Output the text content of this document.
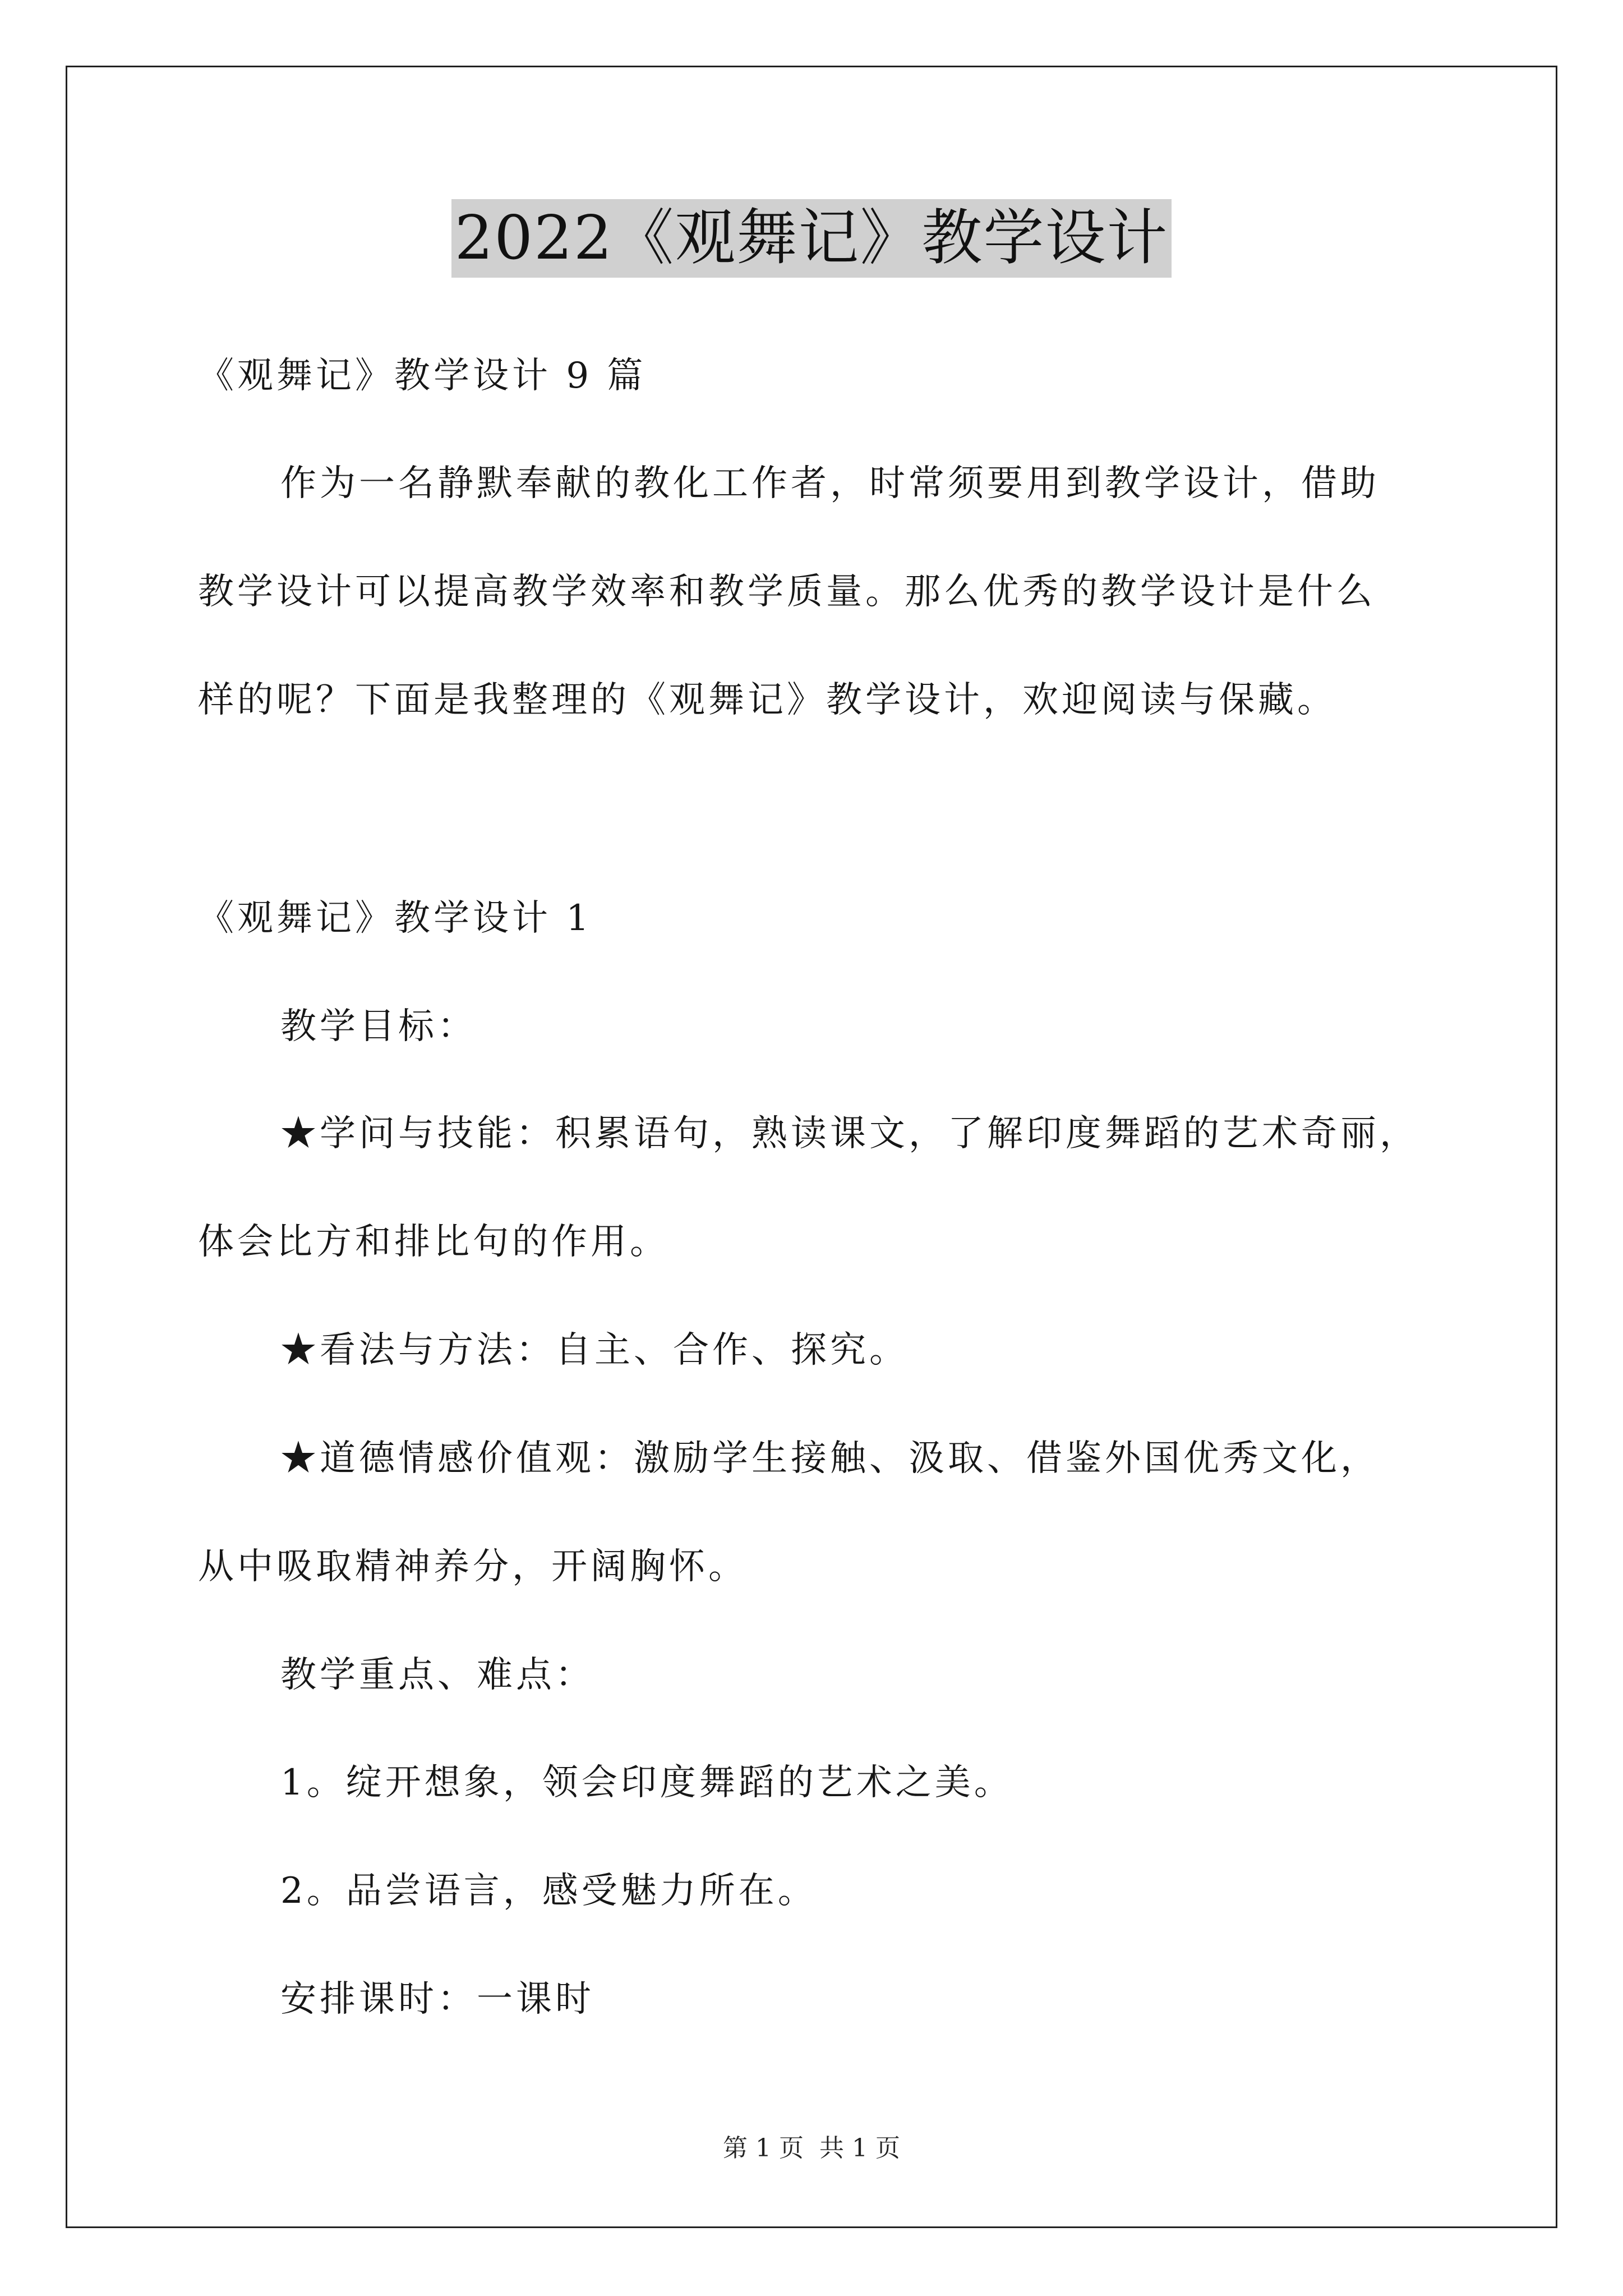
2022《观舞记》教学设计
《观舞记》教学设计 9 篇
作为一名静默奉献的教化工作者，时常须要用到教学设计，借助
教学设计可以提高教学效率和教学质量。那么优秀的教学设计是什么
样的呢？下面是我整理的《观舞记》教学设计，欢迎阅读与保藏。
《观舞记》教学设计 1
教学目标：
★学问与技能：积累语句，熟读课文，了解印度舞蹈的艺术奇丽，
体会比方和排比句的作用。
★看法与方法：自主、合作、探究。
★道德情感价值观：激励学生接触、汲取、借鉴外国优秀文化，
从中吸取精神养分，开阔胸怀。
教学重点、难点：
1。绽开想象，领会印度舞蹈的艺术之美。
2。品尝语言，感受魅力所在。
安排课时：一课时
第 1 页 共 1 页
